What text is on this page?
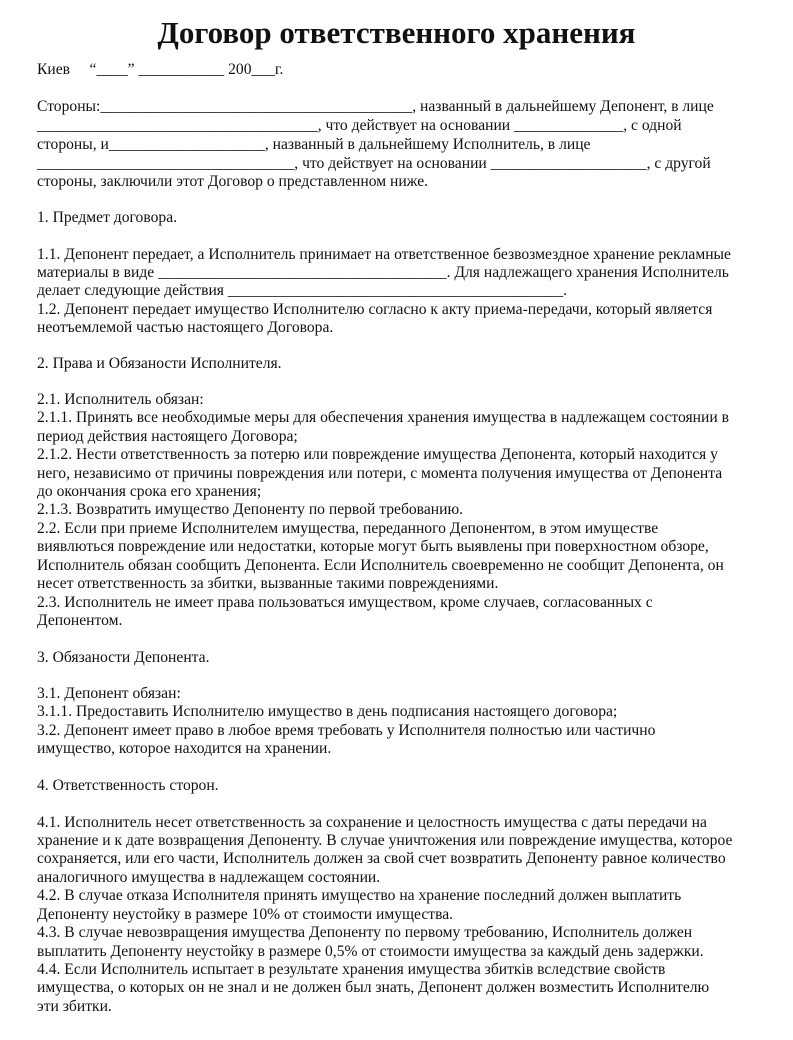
Договор ответственного хранения
Киев     “____” ___________ 200___г.
Стороны:________________________________________, названный в дальнейшему Депонент, в лице
____________________________________, что действует на основании ______________, с одной
стороны, и____________________, названный в дальнейшему Исполнитель, в лице
_________________________________, что действует на основании ____________________, с другой
стороны, заключили этот Договор о представленном ниже.
1. Предмет договора.
1.1. Депонент передает, а Исполнитель принимает на ответственное безвозмездное хранение рекламные
материалы в виде _____________________________________. Для надлежащего хранения Исполнитель
делает следующие действия ___________________________________________.
1.2. Депонент передает имущество Исполнителю согласно к акту приема-передачи, который является
неотъемлемой частью настоящего Договора.
2. Права и Обязаности Исполнителя.
2.1. Исполнитель обязан:
2.1.1. Принять все необходимые меры для обеспечения хранения имущества в надлежащем состоянии в
период действия настоящего Договора;
2.1.2. Нести ответственность за потерю или повреждение имущества Депонента, который находится у
него, независимо от причины повреждения или потери, с момента получения имущества от Депонента
до окончания срока его хранения;
2.1.3. Возвратить имущество Депоненту по первой требованию.
2.2. Если при приеме Исполнителем имущества, переданного Депонентом, в этом имуществе
виявлються повреждение или недостатки, которые могут быть выявлены при поверхностном обзоре,
Исполнитель обязан сообщить Депонента. Если Исполнитель своевременно не сообщит Депонента, он
несет ответственность за збитки, вызванные такими повреждениями.
2.3. Исполнитель не имеет права пользоваться имуществом, кроме случаев, согласованных с
Депонентом.
3. Обязаности Депонента.
3.1. Депонент обязан:
3.1.1. Предоставить Исполнителю имущество в день подписания настоящего договора;
3.2. Депонент имеет право в любое время требовать у Исполнителя полностью или частично
имущество, которое находится на хранении.
4. Ответственность сторон.
4.1. Исполнитель несет ответственность за сохранение и целостность имущества с даты передачи на
хранение и к дате возвращения Депоненту. В случае уничтожения или повреждение имущества, которое
сохраняется, или его части, Исполнитель должен за свой счет возвратить Депоненту равное количество
аналогичного имущества в надлежащем состоянии.
4.2. В случае отказа Исполнителя принять имущество на хранение последний должен выплатить
Депоненту неустойку в размере 10% от стоимости имущества.
4.3. В случае невозвращения имущества Депоненту по первому требованию, Исполнитель должен
выплатить Депоненту неустойку в размере 0,5% от стоимости имущества за каждый день задержки.
4.4. Если Исполнитель испытает в результате хранения имущества збиткiв вследствие свойств
имущества, о которых он не знал и не должен был знать, Депонент должен возместить Исполнителю
эти збитки.
